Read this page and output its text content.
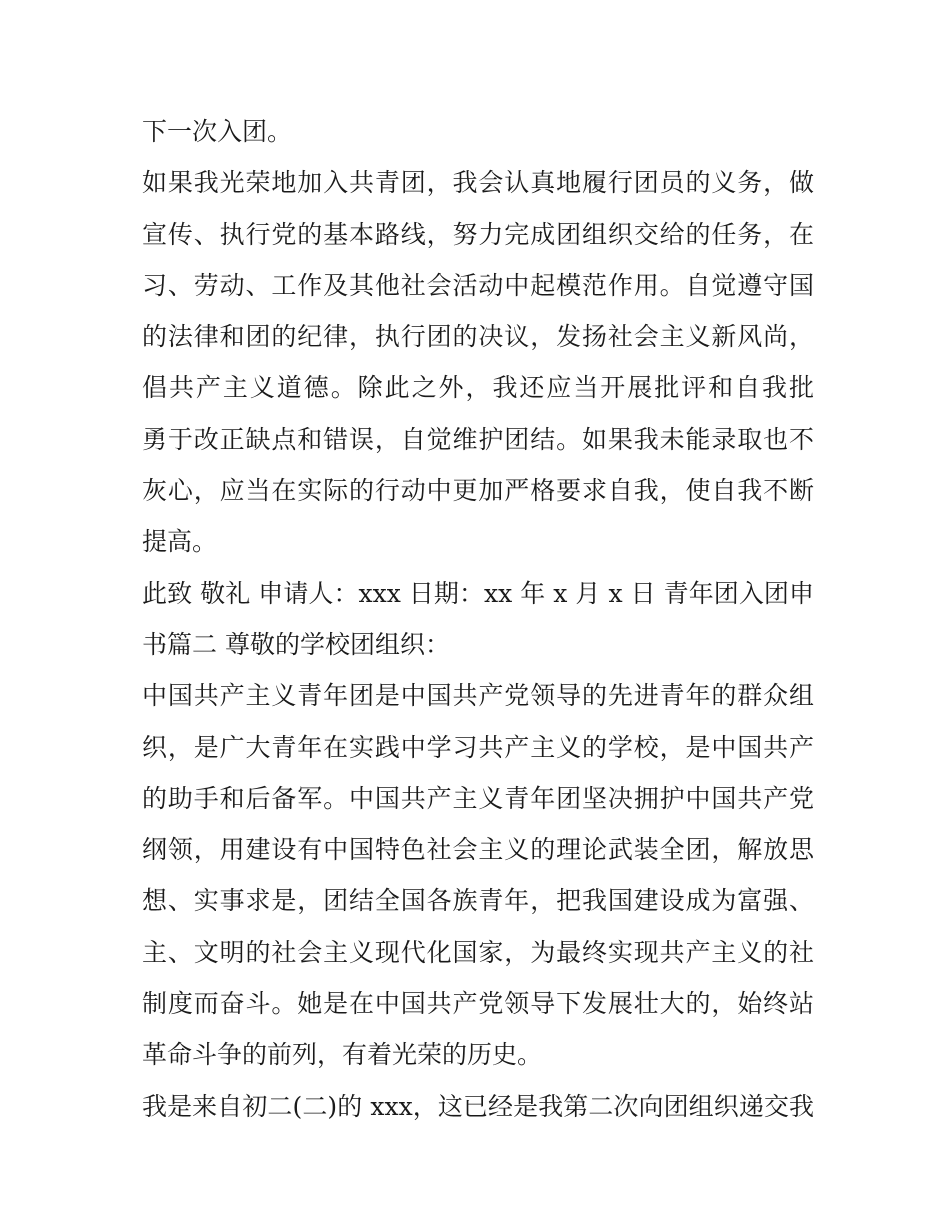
下一次入团。
如果我光荣地加入共青团，我会认真地履行团员的义务，做
宣传、执行党的基本路线，努力完成团组织交给的任务，在
习、劳动、工作及其他社会活动中起模范作用。自觉遵守国
的法律和团的纪律，执行团的决议，发扬社会主义新风尚，
倡共产主义道德。除此之外，我还应当开展批评和自我批
勇于改正缺点和错误，自觉维护团结。如果我未能录取也不
灰心，应当在实际的行动中更加严格要求自我，使自我不断
提高。
此致 敬礼 申请人：xxx 日期：xx 年 x 月 x 日 青年团入团申
书篇二 尊敬的学校团组织：
中国共产主义青年团是中国共产党领导的先进青年的群众组
织，是广大青年在实践中学习共产主义的学校，是中国共产
的助手和后备军。中国共产主义青年团坚决拥护中国共产党
纲领，用建设有中国特色社会主义的理论武装全团，解放思
想、实事求是，团结全国各族青年，把我国建设成为富强、
主、文明的社会主义现代化国家，为最终实现共产主义的社
制度而奋斗。她是在中国共产党领导下发展壮大的，始终站
革命斗争的前列，有着光荣的历史。
我是来自初二(二)的 xxx，这已经是我第二次向团组织递交我
